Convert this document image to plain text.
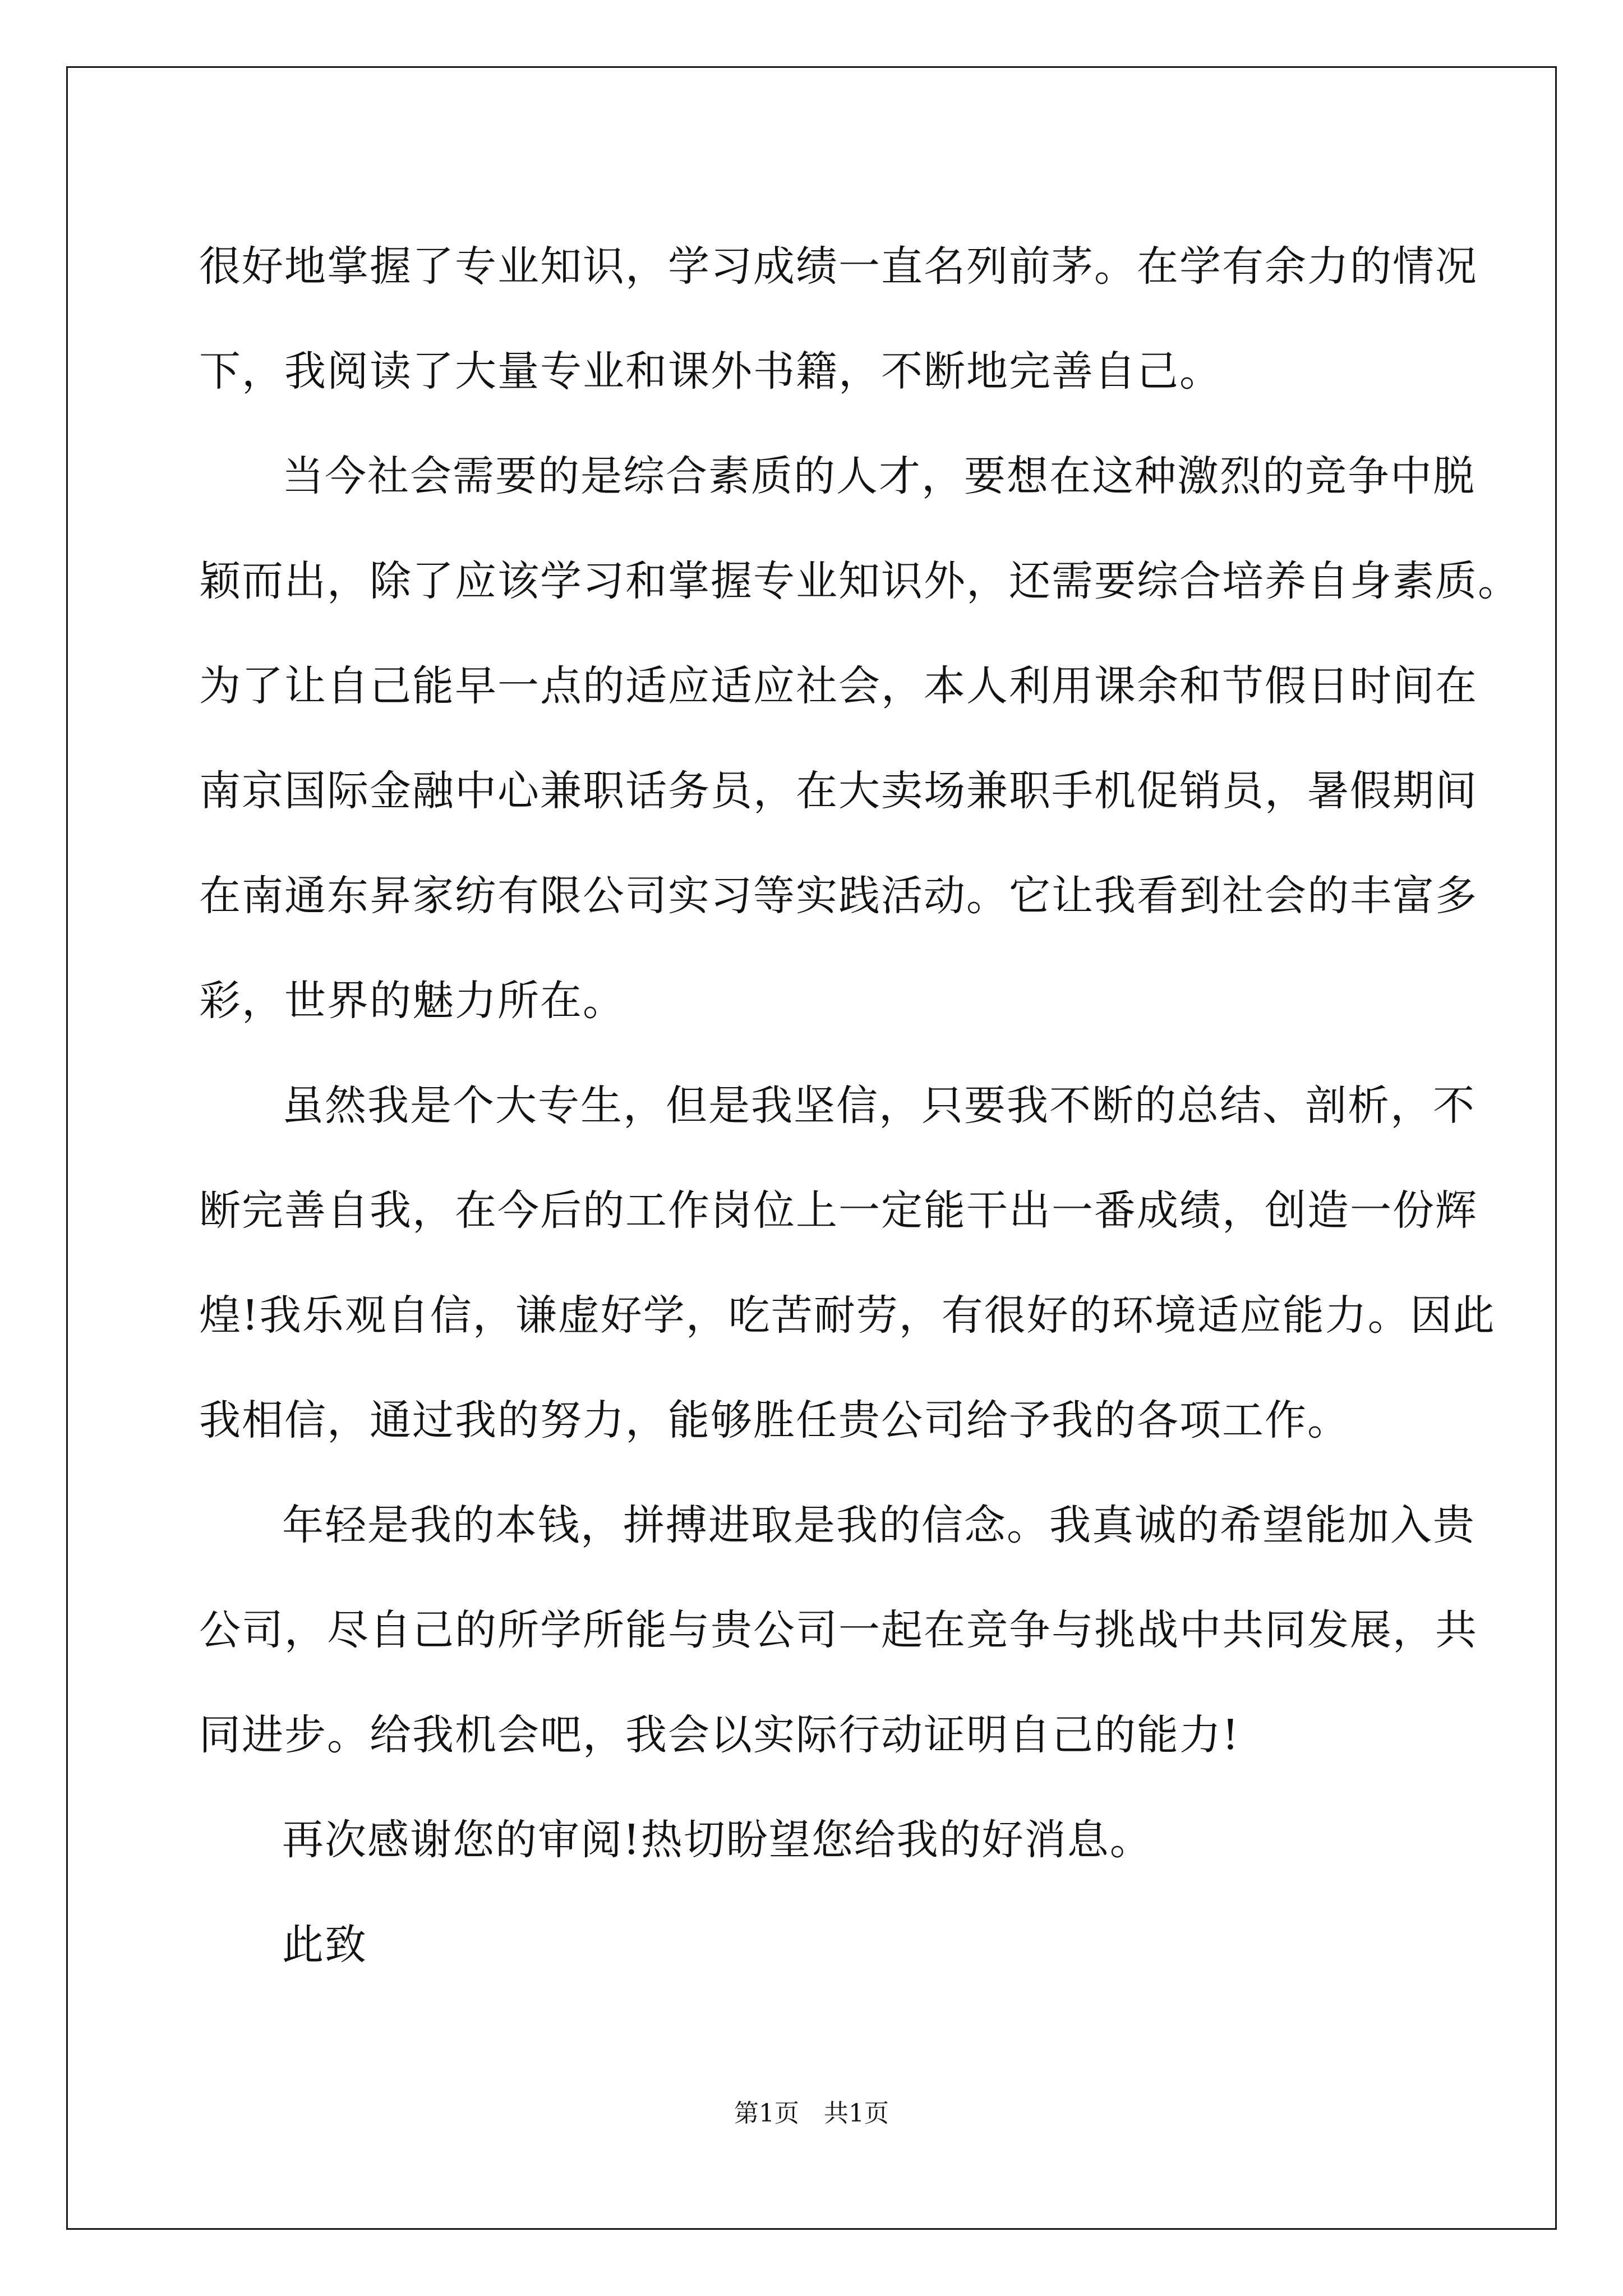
很好地掌握了专业知识，学习成绩一直名列前茅。在学有余力的情况

下，我阅读了大量专业和课外书籍，不断地完善自己。

当今社会需要的是综合素质的人才，要想在这种激烈的竞争中脱

颖而出，除了应该学习和掌握专业知识外，还需要综合培养自身素质。

为了让自己能早一点的适应适应社会，本人利用课余和节假日时间在

南京国际金融中心兼职话务员，在大卖场兼职手机促销员，暑假期间

在南通东昇家纺有限公司实习等实践活动。它让我看到社会的丰富多

彩，世界的魅力所在。

虽然我是个大专生，但是我坚信，只要我不断的总结、剖析，不

断完善自我，在今后的工作岗位上一定能干出一番成绩，创造一份辉

煌!我乐观自信，谦虚好学，吃苦耐劳，有很好的环境适应能力。因此

我相信，通过我的努力，能够胜任贵公司给予我的各项工作。

年轻是我的本钱，拼搏进取是我的信念。我真诚的希望能加入贵

公司，尽自己的所学所能与贵公司一起在竞争与挑战中共同发展，共

同进步。给我机会吧，我会以实际行动证明自己的能力!

再次感谢您的审阅!热切盼望您给我的好消息。

此致

第1页 共1页
